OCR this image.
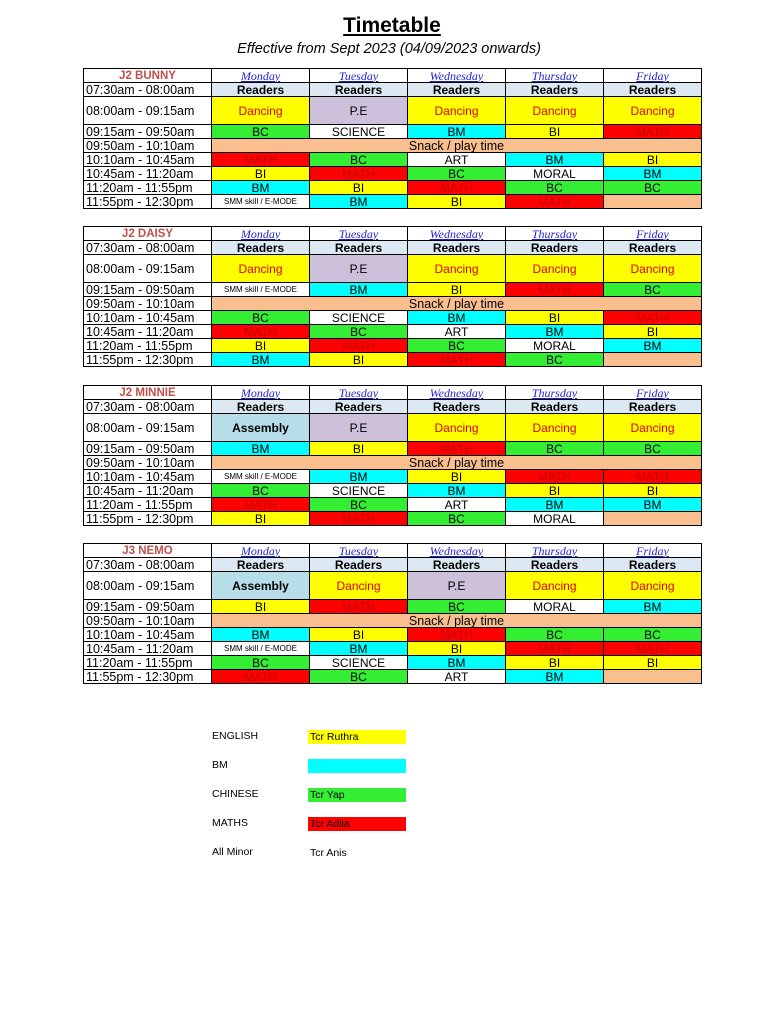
Timetable
Effective from Sept 2023 (04/09/2023 onwards)
J2 BUNNY	Monday	Tuesday	Wednesday	Thursday	Friday
07:30am - 08:00am	Readers	Readers	Readers	Readers	Readers
08:00am - 09:15am	Dancing	P.E	Dancing	Dancing	Dancing
09:15am - 09:50am	BC	SCIENCE	BM	BI	MATH
09:50am - 10:10am	Snack / play time				
10:10am - 10:45am	MATH	BC	ART	BM	BI
10:45am - 11:20am	BI	MATH	BC	MORAL	BM
11:20am - 11:55pm	BM	BI	MATH	BC	BC
11:55pm - 12:30pm	SMM skill / E-MODE	BM	BI	MATH	
J2 DAISY	Monday	Tuesday	Wednesday	Thursday	Friday
07:30am - 08:00am	Readers	Readers	Readers	Readers	Readers
08:00am - 09:15am	Dancing	P.E	Dancing	Dancing	Dancing
09:15am - 09:50am	SMM skill / E-MODE	BM	BI	MATH	BC
09:50am - 10:10am	Snack / play time				
10:10am - 10:45am	BC	SCIENCE	BM	BI	MATH
10:45am - 11:20am	MATH	BC	ART	BM	BI
11:20am - 11:55pm	BI	MATH	BC	MORAL	BM
11:55pm - 12:30pm	BM	BI	MATH	BC	
J2 MINNIE	Monday	Tuesday	Wednesday	Thursday	Friday
07:30am - 08:00am	Readers	Readers	Readers	Readers	Readers
08:00am - 09:15am	Assembly	P.E	Dancing	Dancing	Dancing
09:15am - 09:50am	BM	BI	MATH	BC	BC
09:50am - 10:10am	Snack / play time				
10:10am - 10:45am	SMM skill / E-MODE	BM	BI	MATH	MATH
10:45am - 11:20am	BC	SCIENCE	BM	BI	BI
11:20am - 11:55pm	MATH	BC	ART	BM	BM
11:55pm - 12:30pm	BI	MATH	BC	MORAL	
J3 NEMO	Monday	Tuesday	Wednesday	Thursday	Friday
07:30am - 08:00am	Readers	Readers	Readers	Readers	Readers
08:00am - 09:15am	Assembly	Dancing	P.E	Dancing	Dancing
09:15am - 09:50am	BI	MATH	BC	MORAL	BM
09:50am - 10:10am	Snack / play time				
10:10am - 10:45am	BM	BI	MATH	BC	BC
10:45am - 11:20am	SMM skill / E-MODE	BM	BI	MATH	MATH
11:20am - 11:55pm	BC	SCIENCE	BM	BI	BI
11:55pm - 12:30pm	MATH	BC	ART	BM	
ENGLISH	Tcr Ruthra
BM
CHINESE	Tcr Yap
MATHS	Tcr Adlia
All Minor	Tcr Anis
